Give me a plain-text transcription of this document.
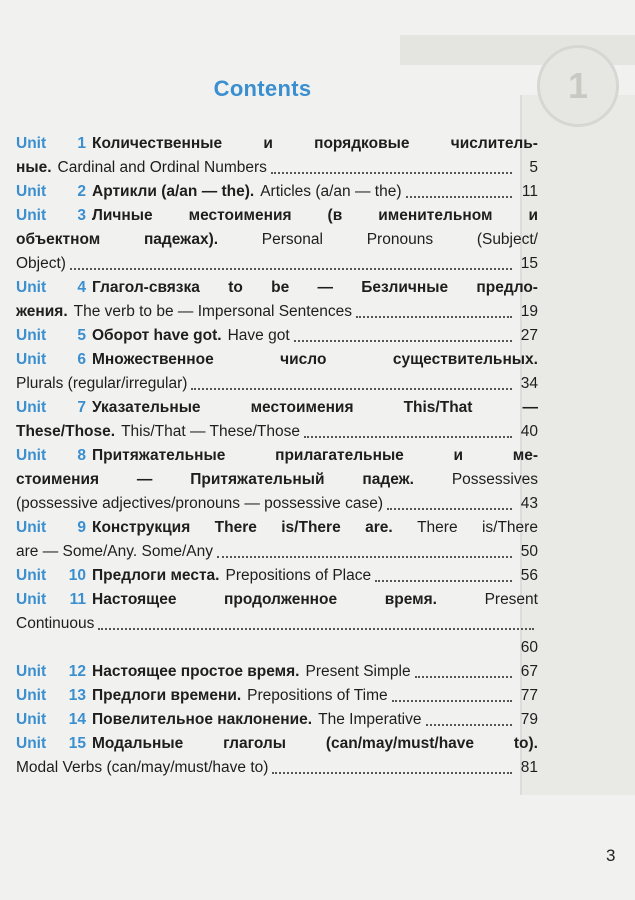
1
Contents
Unit 1 Количественные	и	порядковые	числитель-
ные. Cardinal and Ordinal Numbers	5
Unit 2 Артикли (a/an — the). Articles (a/an — the)	11
Unit 3 Личные местоимения (в именительном и
объектном	падежах).	Personal	Pronouns	(Subject/
Object)	15
Unit 4 Глагол-связка to be — Безличные предло-
жения. The verb to be — Impersonal Sentences	19
Unit 5 Оборот have got. Have got	27
Unit 6 Множественное	число	существительных.
Plurals (regular/irregular)	34
Unit 7 Указательные	местоимения	This/That	—
These/Those. This/That — These/Those	40
Unit 8 Притяжательные	прилагательные	и	ме-
стоимения — Притяжательный падеж. Possessives
(possessive adjectives/pronouns — possessive case)	43
Unit 9 Конструкция There is/There are. There is/There
are — Some/Any. Some/Any	50
Unit 10 Предлоги места. Prepositions of Place	56
Unit 11 Настоящее	продолженное	время.	Present
Continuous
60
Unit 12 Настоящее простое время. Present Simple	67
Unit 13 Предлоги времени. Prepositions of Time	77
Unit 14 Повелительное наклонение. The Imperative	79
Unit 15 Модальные	глаголы	(can/may/must/have	to).
Modal Verbs (can/may/must/have to)	81
3
